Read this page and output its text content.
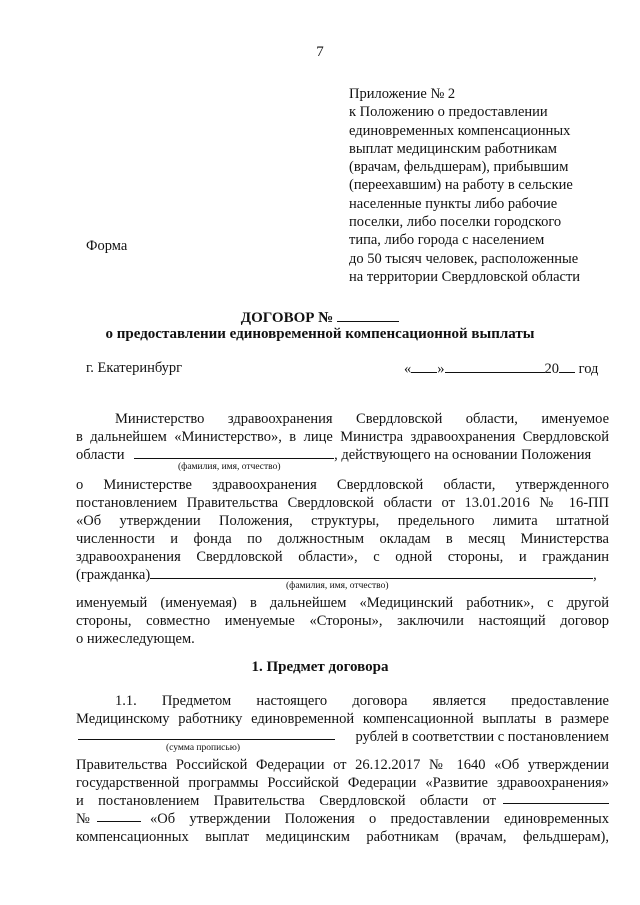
7
Приложение № 2
к Положению о предоставлении
единовременных компенсационных
выплат медицинским работникам
(врачам, фельдшерам), прибывшим
(переехавшим) на работу в сельские
населенные пункты либо рабочие
поселки, либо поселки городского
типа, либо города с населением
до 50 тысяч человек, расположенные
на территории Свердловской области
Форма
ДОГОВОР №
о предоставлении единовременной компенсационной выплаты
г. Екатеринбург	« »	20 год
Министерство здравоохранения Свердловской области, именуемое
в дальнейшем «Министерство», в лице Министра здравоохранения Свердловской
области	, действующего на основании Положения
(фамилия, имя, отчество)
о Министерстве здравоохранения Свердловской области, утвержденного
постановлением Правительства Свердловской области от 13.01.2016 № 16-ПП
«Об утверждении Положения, структуры, предельного лимита штатной
численности и фонда по должностным окладам в месяц Министерства
здравоохранения Свердловской области», с одной стороны, и гражданин
(гражданка)	,
(фамилия, имя, отчество)
именуемый (именуемая) в дальнейшем «Медицинский работник», с другой
стороны, совместно именуемые «Стороны», заключили настоящий договор
о нижеследующем.
1. Предмет договора
1.1. Предметом настоящего договора является предоставление
Медицинскому работнику единовременной компенсационной выплаты в размере
рублей в соответствии с постановлением
(сумма прописью)
Правительства Российской Федерации от 26.12.2017 № 1640 «Об утверждении
государственной программы Российской Федерации «Развитие здравоохранения»
и постановлением Правительства Свердловской области от
№	«Об утверждении Положения о предоставлении единовременных
компенсационных выплат медицинским работникам (врачам, фельдшерам),
